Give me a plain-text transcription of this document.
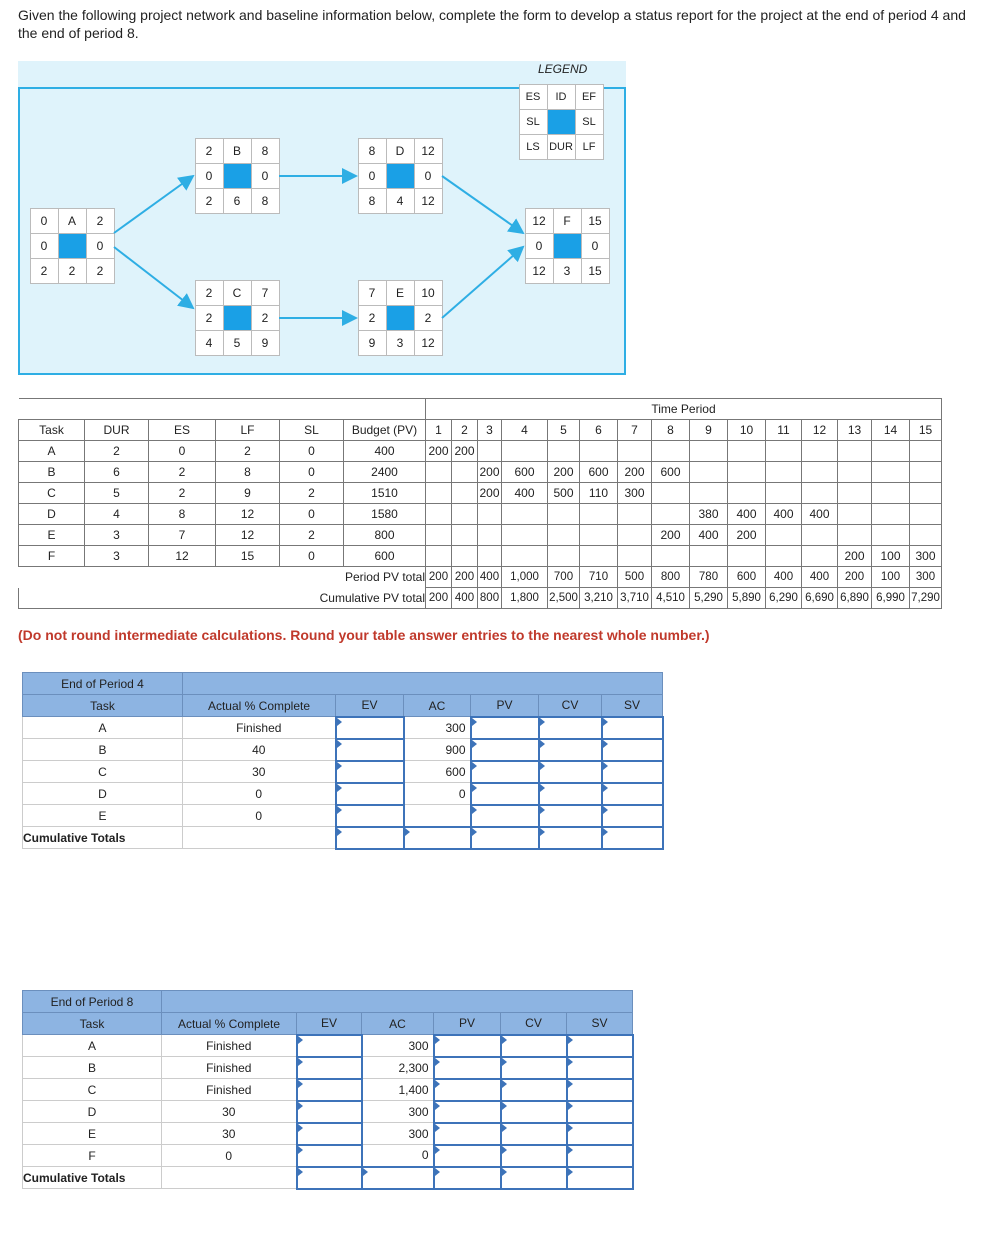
Given the following project network and baseline information below, complete the form to develop a status report for the project at the end of period 4 and the end of period 8.
LEGEND
ES	ID	EF
SL	SL
LS DUR LF
0	A	2
0	0
2	2	2
2	B	8
0	0
2	6	8
2	C	7
2	2
4	5	9
8	D	12
0	0
8	4	12
7	E	10
2	2
9	3	12
12	F	15
0	0
12	3	15
						Time Period														
Task	DUR	ES	LF	SL	Budget (PV)	1	2	3	4	5	6	7	8	9	10	11	12	13	14	15
A	2	0	2	0	400	200	200													
B	6	2	8	0	2400			200	600	200	600	200	600							
C	5	2	9	2	1510			200	400	500	110	300								
D	4	8	12	0	1580									380	400	400	400			
E	3	7	12	2	800								200	400	200					
F	3	12	15	0	600													200	100	300
Period PV total						200	200	400	1,000	700	710	500	800	780	600	400	400	200	100	300
Cumulative PV total						200	400	800	1,800	2,500	3,210	3,710	4,510	5,290	5,890	6,290	6,690	6,890	6,990	7,290
(Do not round intermediate calculations. Round your table answer entries to the nearest whole number.)
End of Period 4						
Task	Actual % Complete	EV	AC	PV	CV	SV
A	Finished		300			
B	40		900			
C	30		600			
D	0		0			
E	0					
Cumulative Totals						
End of Period 8						
Task	Actual % Complete	EV	AC	PV	CV	SV
A	Finished		300			
B	Finished		2,300			
C	Finished		1,400			
D	30		300			
E	30		300			
F	0		0			
Cumulative Totals						
